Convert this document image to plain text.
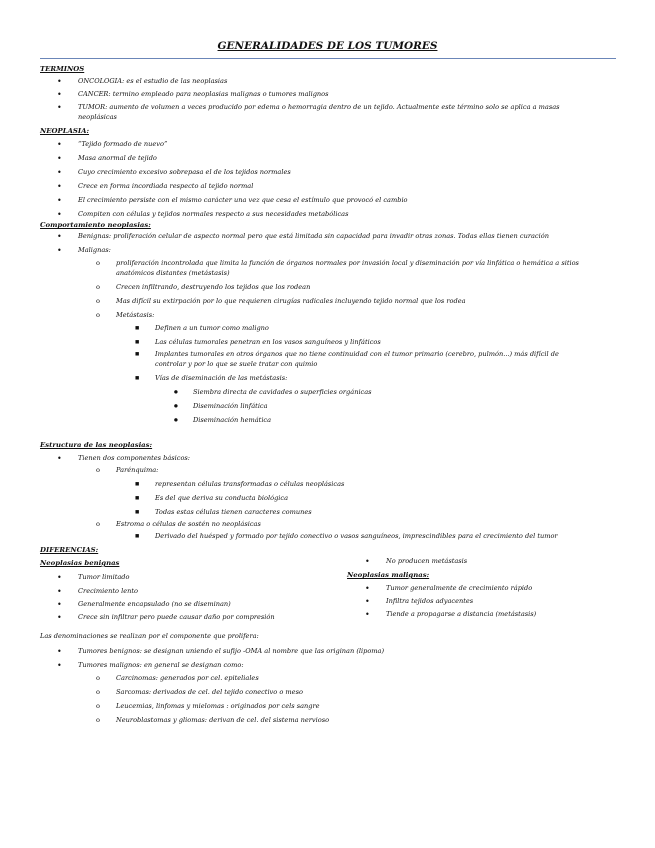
GENERALIDADES DE LOS TUMORES
TERMINOS
• ONCOLOGIA: es el estudio de las neoplasias
• CANCER: termino empleado para neoplasias malignas o tumores malignos
• TUMOR: aumento de volumen a veces producido por edema o hemorragia dentro de un tejido. Actualmente este término solo se aplica a masas
neoplásicas
NEOPLASIA:
• “Tejido formado de nuevo”
• Masa anormal de tejido
• Cuyo crecimiento excesivo sobrepasa el de los tejidos normales
• Crece en forma incordiada respecto al tejido normal
• El crecimiento persiste con el mismo carácter una vez que cesa el estímulo que provocó el cambio
• Compiten con células y tejidos normales respecto a sus necesidades metabólicas
Comportamiento neoplasias:
• Benignas: proliferación celular de aspecto normal pero que está limitada sin capacidad para invadir otras zonas. Todas ellas tienen curación
• Malignas:
o proliferación incontrolada que limita la función de órganos normales por invasión local y diseminación por vía linfática o hemática a sitios
anatómicos distantes (metástasis)
o Crecen infiltrando, destruyendo los tejidos que los rodean
o Mas difícil su extirpación por lo que requieren cirugías radicales incluyendo tejido normal que los rodea
o Metástasis:
■ Definen a un tumor como maligno
■ Las células tumorales penetran en los vasos sanguíneos y linfáticos
■ Implantes tumorales en otros órganos que no tiene continuidad con el tumor primario (cerebro, pulmón...) más difícil de
controlar y por lo que se suele tratar con quimio
■ Vías de diseminación de las metástasis:
● Siembra directa de cavidades o superficies orgánicas
● Diseminación linfática
● Diseminación hemática
Estructura de las neoplasias:
• Tienen dos componentes básicos:
o Parénquima:
■ representan células transformadas o células neoplásicas
■ Es del que deriva su conducta biológica
■ Todas estas células tienen caracteres comunes
o Estroma o células de sostén no neoplásicas
■ Derivado del huésped y formado por tejido conectivo o vasos sanguíneos, imprescindibles para el crecimiento del tumor
DIFERENCIAS:
Neoplasias benignas
• Tumor limitado
• Crecimiento lento
• Generalmente encapsulado (no se diseminan)
• Crece sin infiltrar pero puede causar daño por compresión
• No producen metástasis
Neoplasias malignas:
• Tumor generalmente de crecimiento rápido
• Infiltra tejidos adyacentes
• Tiende a propagarse a distancia (metástasis)
Las denominaciones se realizan por el componente que prolifera:
• Tumores benignos: se designan uniendo el sufijo -OMA al nombre que las originan (lipoma)
• Tumores malignos: en general se designan como:
o Carcinomas: generados por cel. epiteliales
o Sarcomas: derivados de cel. del tejido conectivo o meso
o Leucemias, linfomas y mielomas : originados por cels sangre
o Neuroblastomas y gliomas: derivan de cel. del sistema nervioso
